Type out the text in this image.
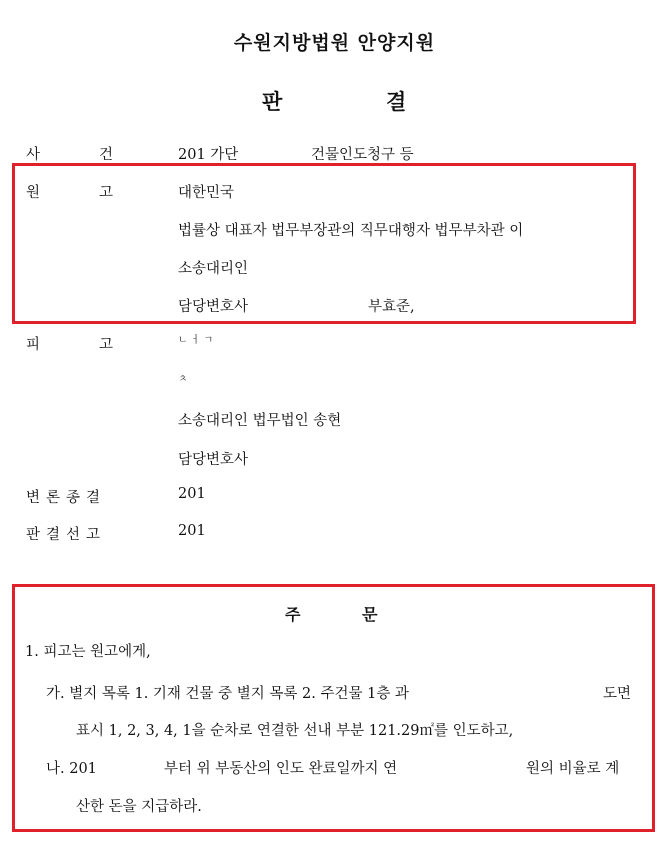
수원지방법원 안양지원
판	결
사	건	201 가단	건물인도청구 등
원	고	대한민국
법률상 대표자 법무부장관의 직무대행자 법무부차관 이
소송대리인
담당변호사	부효준,
피	고	ㄴ ㅓ ㄱ
ㅊ
소송대리인 법무법인 송현
담당변호사
변론종결	201
판결선고	201
주	문
1. 피고는 원고에게,
가. 별지 목록 1. 기재 건물 중 별지 목록 2. 주건물 1층 과	도면
표시 1, 2, 3, 4, 1을 순차로 연결한 선내 부분 121.29㎡를 인도하고,
나. 201	부터 위 부동산의 인도 완료일까지 연	원의 비율로 계
산한 돈을 지급하라.
